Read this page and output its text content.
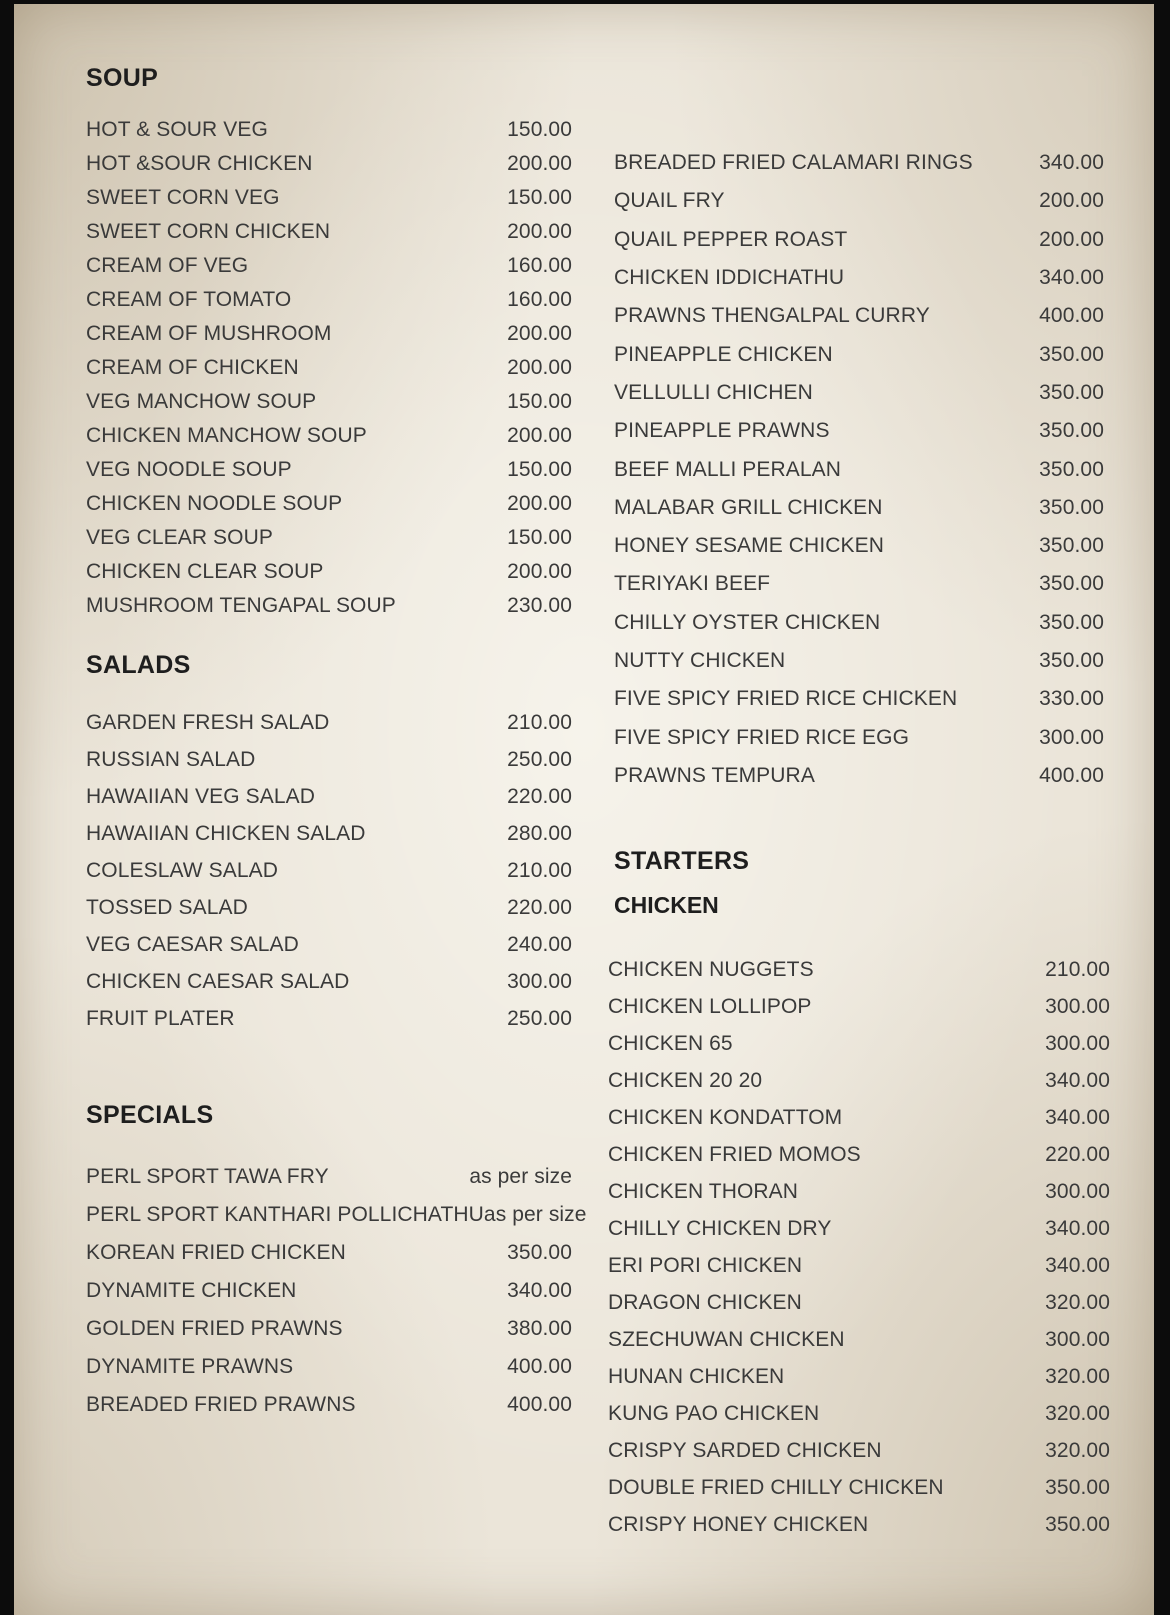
SOUP
HOT & SOUR VEG	150.00
HOT &SOUR CHICKEN	200.00
SWEET CORN VEG	150.00
SWEET CORN CHICKEN	200.00
CREAM OF VEG	160.00
CREAM OF TOMATO	160.00
CREAM OF MUSHROOM	200.00
CREAM OF CHICKEN	200.00
VEG MANCHOW SOUP	150.00
CHICKEN MANCHOW SOUP	200.00
VEG NOODLE SOUP	150.00
CHICKEN NOODLE SOUP	200.00
VEG CLEAR SOUP	150.00
CHICKEN CLEAR SOUP	200.00
MUSHROOM TENGAPAL SOUP	230.00
SALADS
GARDEN FRESH SALAD	210.00
RUSSIAN SALAD	250.00
HAWAIIAN VEG SALAD	220.00
HAWAIIAN CHICKEN SALAD	280.00
COLESLAW SALAD	210.00
TOSSED SALAD	220.00
VEG CAESAR SALAD	240.00
CHICKEN CAESAR SALAD	300.00
FRUIT PLATER	250.00
SPECIALS
PERL SPORT TAWA FRY	as per size
PERL SPORT KANTHARI POLLICHATHU as per size
KOREAN FRIED CHICKEN	350.00
DYNAMITE CHICKEN	340.00
GOLDEN FRIED PRAWNS	380.00
DYNAMITE PRAWNS	400.00
BREADED FRIED PRAWNS	400.00
BREADED FRIED CALAMARI RINGS	340.00
QUAIL FRY	200.00
QUAIL PEPPER ROAST	200.00
CHICKEN IDDICHATHU	340.00
PRAWNS THENGALPAL CURRY	400.00
PINEAPPLE CHICKEN	350.00
VELLULLI CHICHEN	350.00
PINEAPPLE PRAWNS	350.00
BEEF MALLI PERALAN	350.00
MALABAR GRILL CHICKEN	350.00
HONEY SESAME CHICKEN	350.00
TERIYAKI BEEF	350.00
CHILLY OYSTER CHICKEN	350.00
NUTTY CHICKEN	350.00
FIVE SPICY FRIED RICE CHICKEN	330.00
FIVE SPICY FRIED RICE EGG	300.00
PRAWNS TEMPURA	400.00
STARTERS
CHICKEN
CHICKEN NUGGETS	210.00
CHICKEN LOLLIPOP	300.00
CHICKEN 65	300.00
CHICKEN 20 20	340.00
CHICKEN KONDATTOM	340.00
CHICKEN FRIED MOMOS	220.00
CHICKEN THORAN	300.00
CHILLY CHICKEN DRY	340.00
ERI PORI CHICKEN	340.00
DRAGON CHICKEN	320.00
SZECHUWAN CHICKEN	300.00
HUNAN CHICKEN	320.00
KUNG PAO CHICKEN	320.00
CRISPY SARDED CHICKEN	320.00
DOUBLE FRIED CHILLY CHICKEN	350.00
CRISPY HONEY CHICKEN	350.00
